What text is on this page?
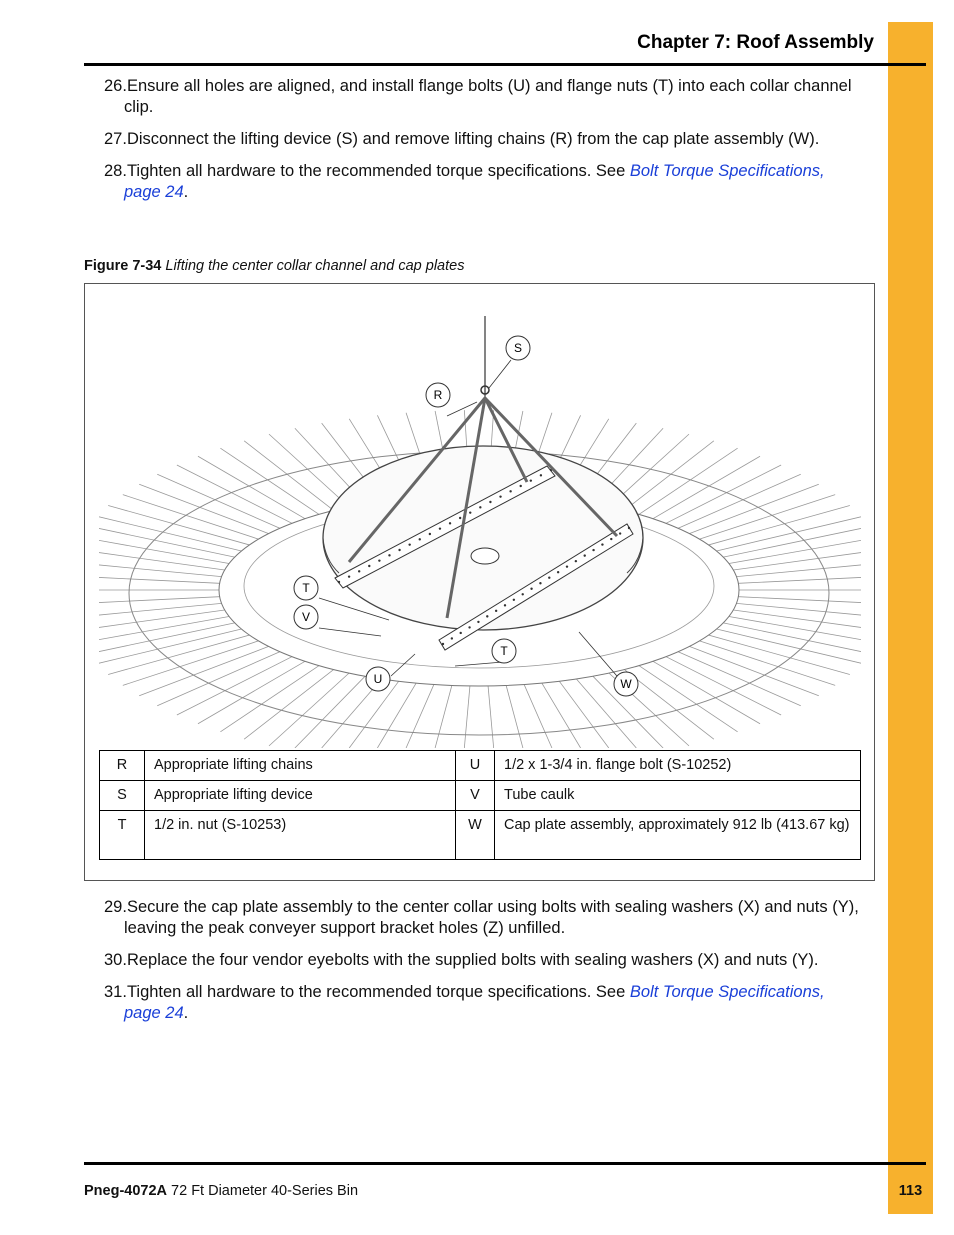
Chapter 7: Roof Assembly
26.Ensure all holes are aligned, and install flange bolts (U) and flange nuts (T) into each collar channel
clip.
27.Disconnect the lifting device (S) and remove lifting chains (R) from the cap plate assembly (W).
28.Tighten all hardware to the recommended torque specifications. See Bolt Torque Specifications,
page 24.
Figure 7-34 Lifting the center collar channel and cap plates
S
R
T
V
T
U	W
R	Appropriate lifting chains	U	1/2 x 1-3/4 in. flange bolt (S-10252)
S	Appropriate lifting device	V	Tube caulk
T	1/2 in. nut (S-10253)	W	Cap plate assembly, approximately 912 lb (413.67 kg)
29.Secure the cap plate assembly to the center collar using bolts with sealing washers (X) and nuts (Y),
leaving the peak conveyer support bracket holes (Z) unfilled.
30.Replace the four vendor eyebolts with the supplied bolts with sealing washers (X) and nuts (Y).
31.Tighten all hardware to the recommended torque specifications. See Bolt Torque Specifications,
page 24.
Pneg-4072A 72 Ft Diameter 40-Series Bin	113
